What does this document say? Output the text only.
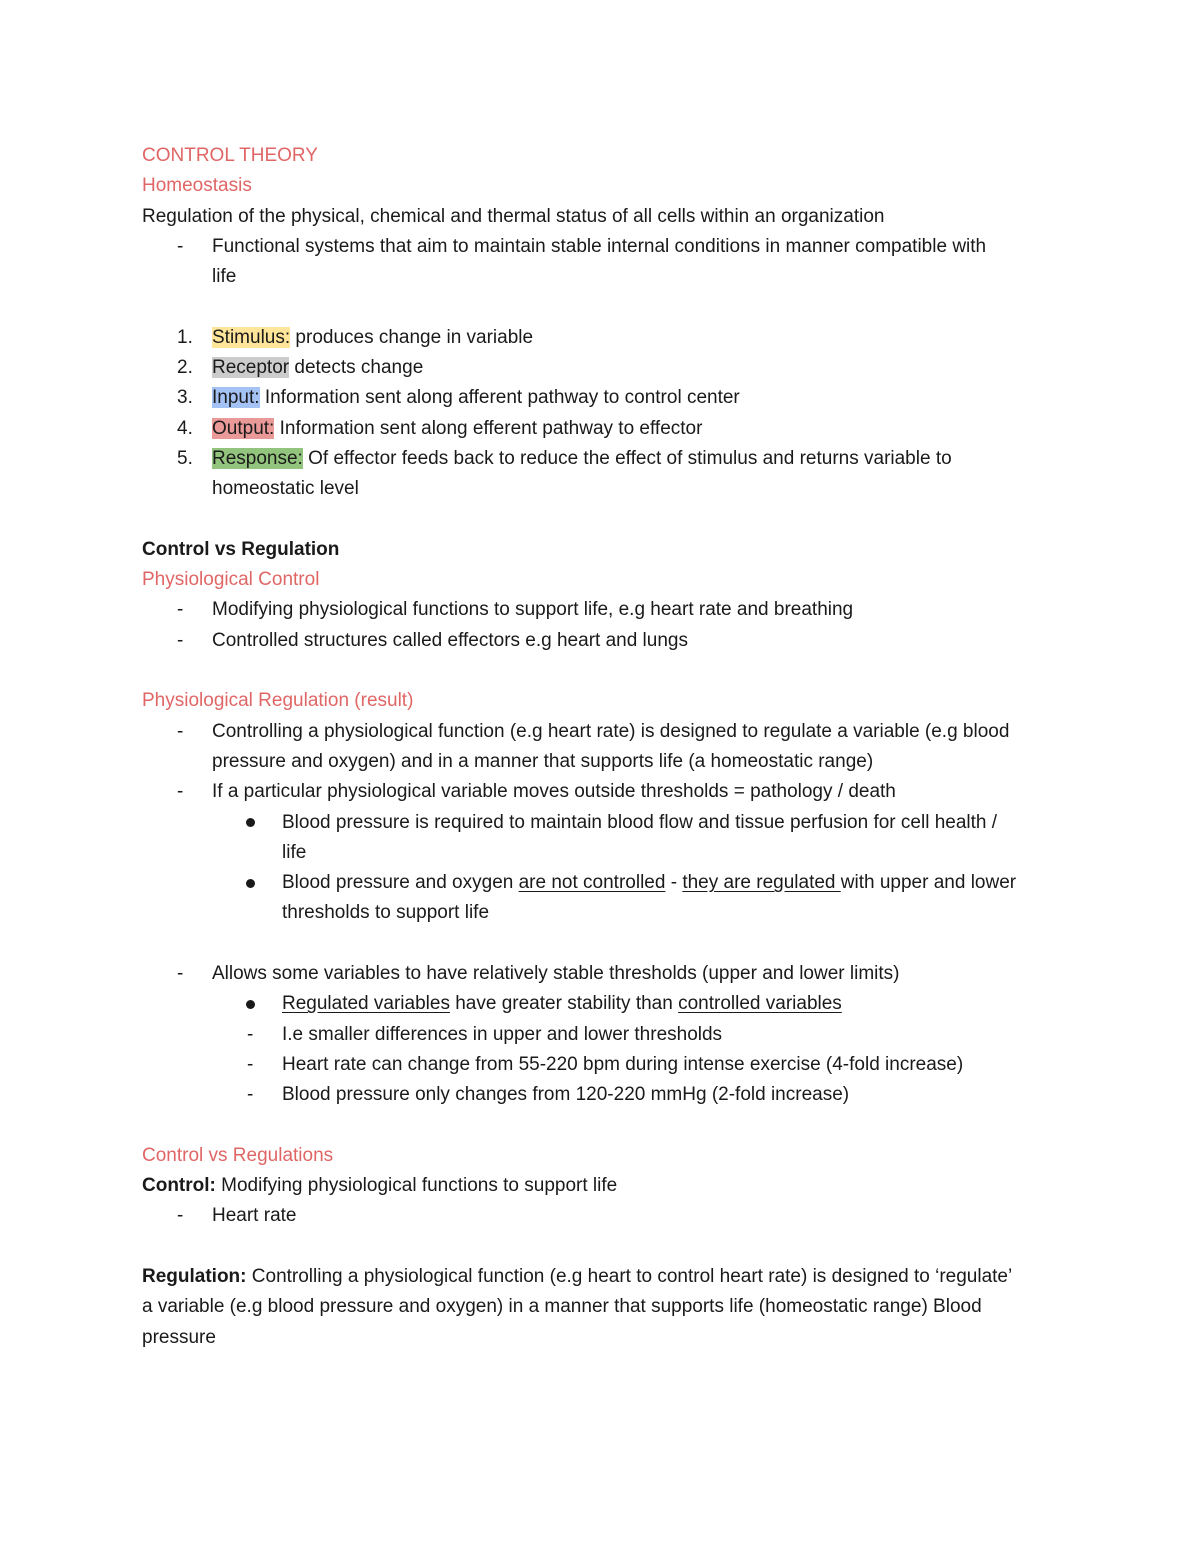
CONTROL THEORY
Homeostasis
Regulation of the physical, chemical and thermal status of all cells within an organization
- Functional systems that aim to maintain stable internal conditions in manner compatible with
life
1. Stimulus: produces change in variable
2. Receptor detects change
3. Input: Information sent along afferent pathway to control center
4. Output: Information sent along efferent pathway to effector
5. Response: Of effector feeds back to reduce the effect of stimulus and returns variable to
homeostatic level
Control vs Regulation
Physiological Control
- Modifying physiological functions to support life, e.g heart rate and breathing
- Controlled structures called effectors e.g heart and lungs
Physiological Regulation (result)
- Controlling a physiological function (e.g heart rate) is designed to regulate a variable (e.g blood
pressure and oxygen) and in a manner that supports life (a homeostatic range)
- If a particular physiological variable moves outside thresholds = pathology / death
Blood pressure is required to maintain blood flow and tissue perfusion for cell health /
life
Blood pressure and oxygen are not controlled - they are regulated with upper and lower
thresholds to support life
- Allows some variables to have relatively stable thresholds (upper and lower limits)
Regulated variables have greater stability than controlled variables
- I.e smaller differences in upper and lower thresholds
- Heart rate can change from 55-220 bpm during intense exercise (4-fold increase)
- Blood pressure only changes from 120-220 mmHg (2-fold increase)
Control vs Regulations
Control: Modifying physiological functions to support life
- Heart rate
Regulation: Controlling a physiological function (e.g heart to control heart rate) is designed to ‘regulate’
a variable (e.g blood pressure and oxygen) in a manner that supports life (homeostatic range) Blood
pressure
